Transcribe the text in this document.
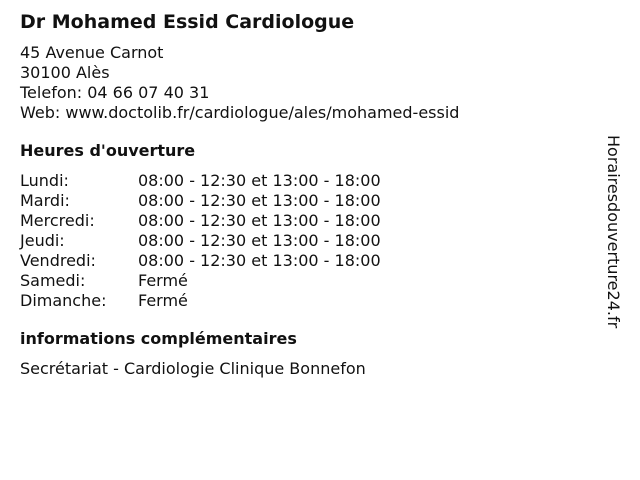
Dr Mohamed Essid Cardiologue
45 Avenue Carnot
30100 Alès
Telefon: 04 66 07 40 31
Web: www.doctolib.fr/cardiologue/ales/mohamed-essid
Heures d'ouverture
Lundi:	08:00 - 12:30 et 13:00 - 18:00
Mardi:	08:00 - 12:30 et 13:00 - 18:00
Mercredi:	08:00 - 12:30 et 13:00 - 18:00
Jeudi:	08:00 - 12:30 et 13:00 - 18:00
Vendredi:	08:00 - 12:30 et 13:00 - 18:00
Samedi:	Fermé
Dimanche:	Fermé
informations complémentaires
Secrétariat - Cardiologie Clinique Bonnefon
Horairesdouverture24.fr
